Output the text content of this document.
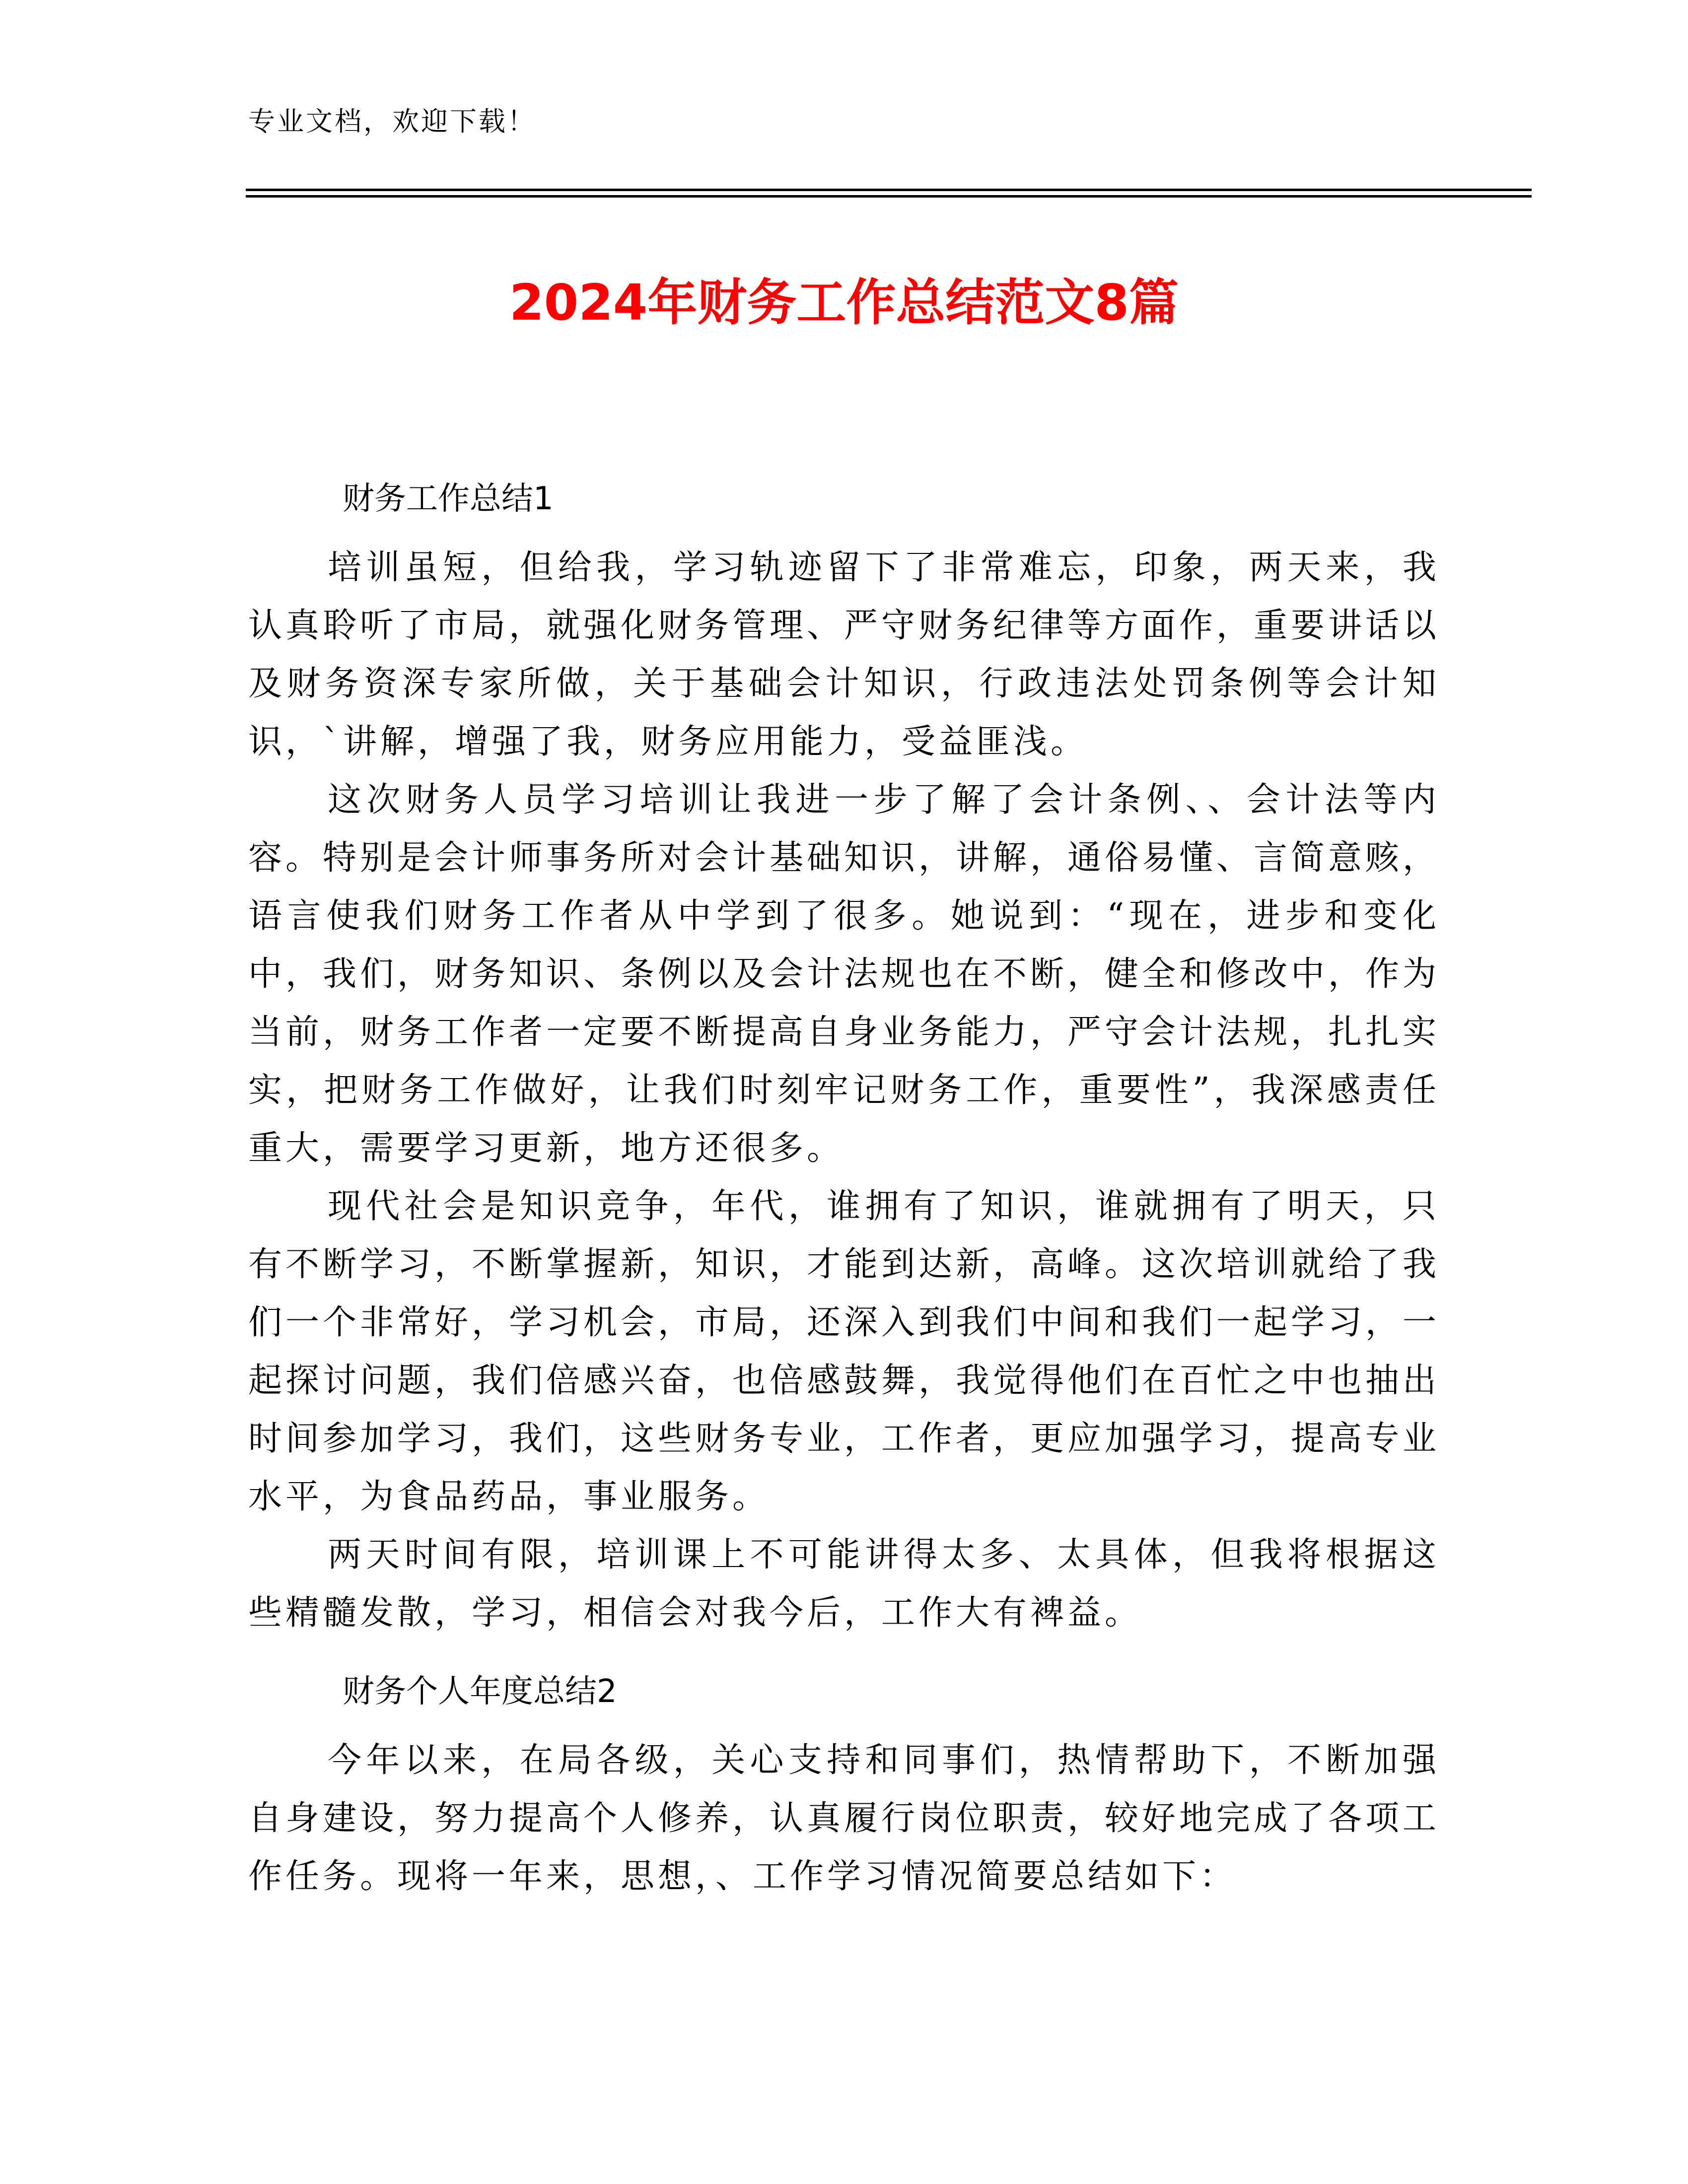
专业文档，欢迎下载！
2024年财务工作总结范文8篇
财务工作总结1

培训虽短，但给我，学习轨迹留下了非常难忘，印象，两天来，我认真聆听了市局，就强化财务管理、严守财务纪律等方面作，重要讲话以及财务资深专家所做，关于基础会计知识，行政违法处罚条例等会计知识，`讲解，增强了我，财务应用能力，受益匪浅。

这次财务人员学习培训让我进一步了解了会计条例、、会计法等内容。特别是会计师事务所对会计基础知识，讲解，通俗易懂、言简意赅，语言使我们财务工作者从中学到了很多。她说到：“现在，进步和变化中，我们，财务知识、条例以及会计法规也在不断，健全和修改中，作为当前，财务工作者一定要不断提高自身业务能力，严守会计法规，扎扎实实，把财务工作做好，让我们时刻牢记财务工作，重要性”，我深感责任重大，需要学习更新，地方还很多。

现代社会是知识竞争，年代，谁拥有了知识，谁就拥有了明天，只有不断学习，不断掌握新，知识，才能到达新，高峰。这次培训就给了我们一个非常好，学习机会，市局，还深入到我们中间和我们一起学习，一起探讨问题，我们倍感兴奋，也倍感鼓舞，我觉得他们在百忙之中也抽出时间参加学习，我们，这些财务专业，工作者，更应加强学习，提高专业水平，为食品药品，事业服务。

两天时间有限，培训课上不可能讲得太多、太具体，但我将根据这些精髓发散，学习，相信会对我今后，工作大有裨益。

财务个人年度总结2

今年以来，在局各级，关心支持和同事们，热情帮助下，不断加强自身建设，努力提高个人修养，认真履行岗位职责，较好地完成了各项工作任务。现将一年来，思想，、工作学习情况简要总结如下：
